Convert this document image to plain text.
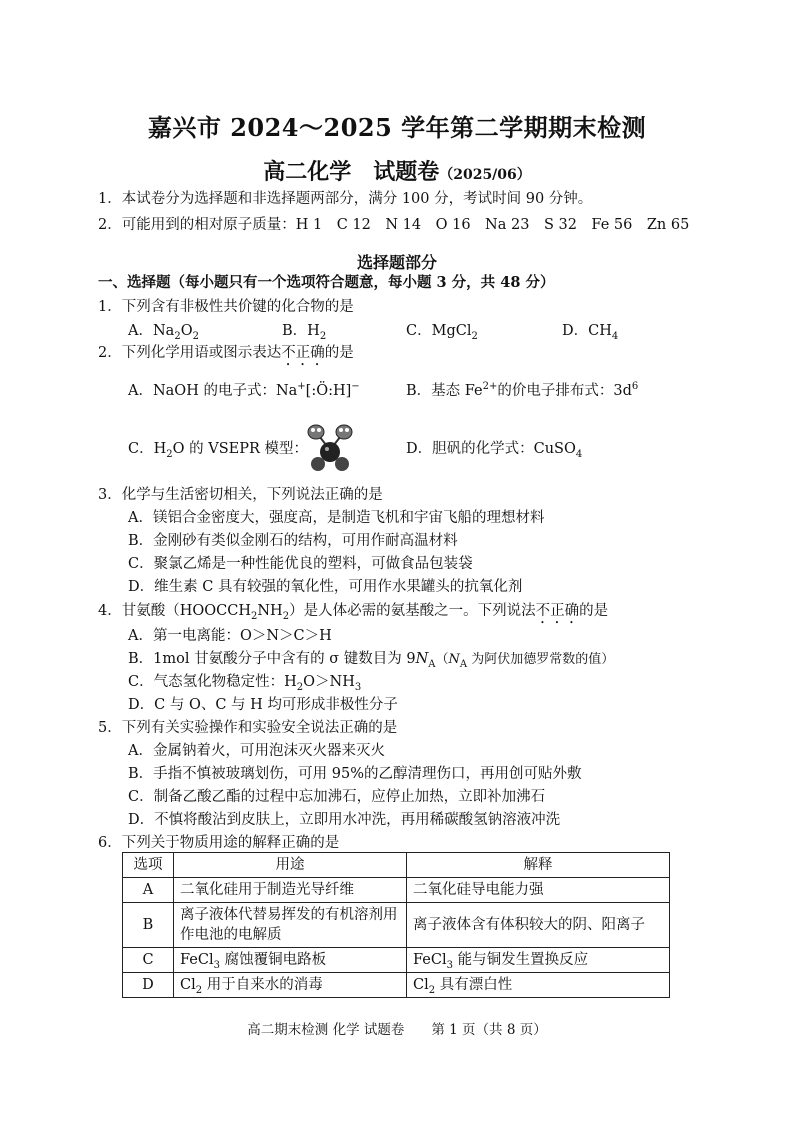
嘉兴市 2024～2025 学年第二学期期末检测
高二化学　试题卷（2025/06）
1．本试卷分为选择题和非选择题两部分，满分 100 分，考试时间 90 分钟。
2．可能用到的相对原子质量：H 1　C 12　N 14　O 16　Na 23　S 32　Fe 56　Zn 65
选择题部分
一、选择题（每小题只有一个选项符合题意，每小题 3 分，共 48 分）
1．下列含有非极性共价键的化合物的是
A．$Na_2O_2$	B．$H_2$	C．MgCl$_2$	D．$CH_4$
2．下列化学用语或图示表达不正确的是
A．NaOH 的电子式：Na+[:Ö:H]−	B．基态 $Fe^{2+}$的价电子排布式：$3d^6$
C．$H_2O$ 的 VSEPR 模型：	D．胆矾的化学式：CuSO$_4$
3．化学与生活密切相关，下列说法正确的是
A．镁铝合金密度大，强度高，是制造飞机和宇宙飞船的理想材料
B．金刚砂有类似金刚石的结构，可用作耐高温材料
C．聚氯乙烯是一种性能优良的塑料，可做食品包装袋
D．维生素 C 具有较强的氧化性，可用作水果罐头的抗氧化剂
4．甘氨酸$(HOOCCH_2NH_2)$是人体必需的氨基酸之一。下列说法不正确的是
A．第一电离能：O＞N＞C＞H
B．1mol 甘氨酸分子中含有的 σ 键数目为 $9N_A(N_A$ 为阿伏加德罗常数的值）
C．气态氢化物稳定性：$H_2O>NH_3$
D．C 与 O、C 与 H 均可形成非极性分子
5．下列有关实验操作和实验安全说法正确的是
A．金属钠着火，可用泡沫灭火器来灭火
B．手指不慎被玻璃划伤，可用 95%的乙醇清理伤口，再用创可贴外敷
C．制备乙酸乙酯的过程中忘加沸石，应停止加热，立即补加沸石
D．不慎将酸沾到皮肤上，立即用水冲洗，再用稀碳酸氢钠溶液冲洗
6．下列关于物质用途的解释正确的是
选项	用途	解释
A	二氧化硅用于制造光导纤维	二氧化硅导电能力强
B	离子液体代替易挥发的有机溶剂用作电池的电解质	离子液体含有体积较大的阴、阳离子
C	FeCl$_3$ 腐蚀覆铜电路板	FeCl$_3$ 能与铜发生置换反应
D	$Cl_2$ 用于自来水的消毒	$Cl_2$ 具有漂白性
高二期末检测 化学 试题卷　　第 1 页（共 8 页）
